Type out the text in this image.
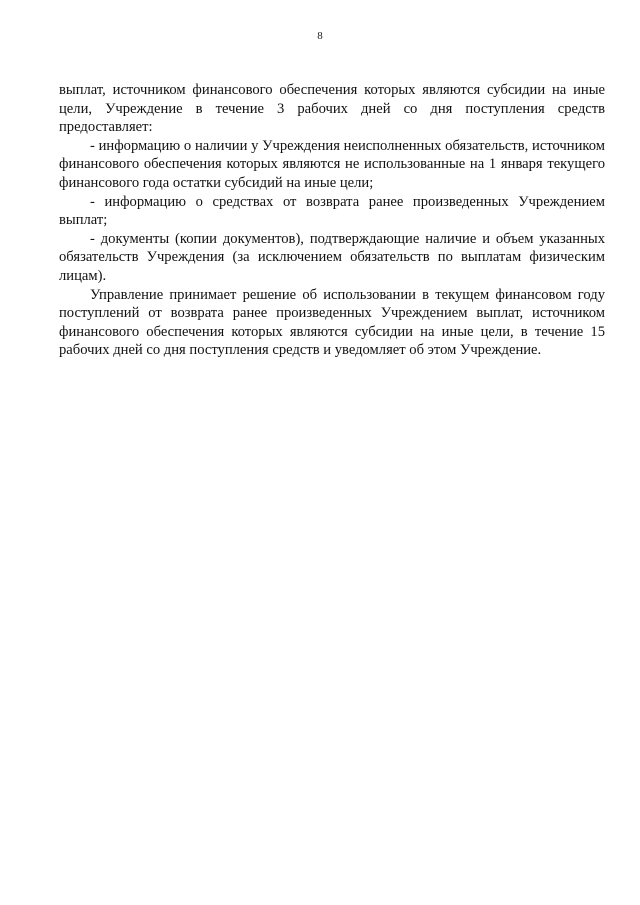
8

выплат, источником финансового обеспечения которых являются субсидии на иные цели, Учреждение в течение 3 рабочих дней со дня поступления средств предоставляет:

- информацию о наличии у Учреждения неисполненных обязательств, источником финансового обеспечения которых являются не использованные на 1 января текущего финансового года остатки субсидий на иные цели;

- информацию о средствах от возврата ранее произведенных Учреждением выплат;

- документы (копии документов), подтверждающие наличие и объем указанных обязательств Учреждения (за исключением обязательств по выплатам физическим лицам).

Управление принимает решение об использовании в текущем финансовом году поступлений от возврата ранее произведенных Учреждением выплат, источником финансового обеспечения которых являются субсидии на иные цели, в течение 15 рабочих дней со дня поступления средств и уведомляет об этом Учреждение.
